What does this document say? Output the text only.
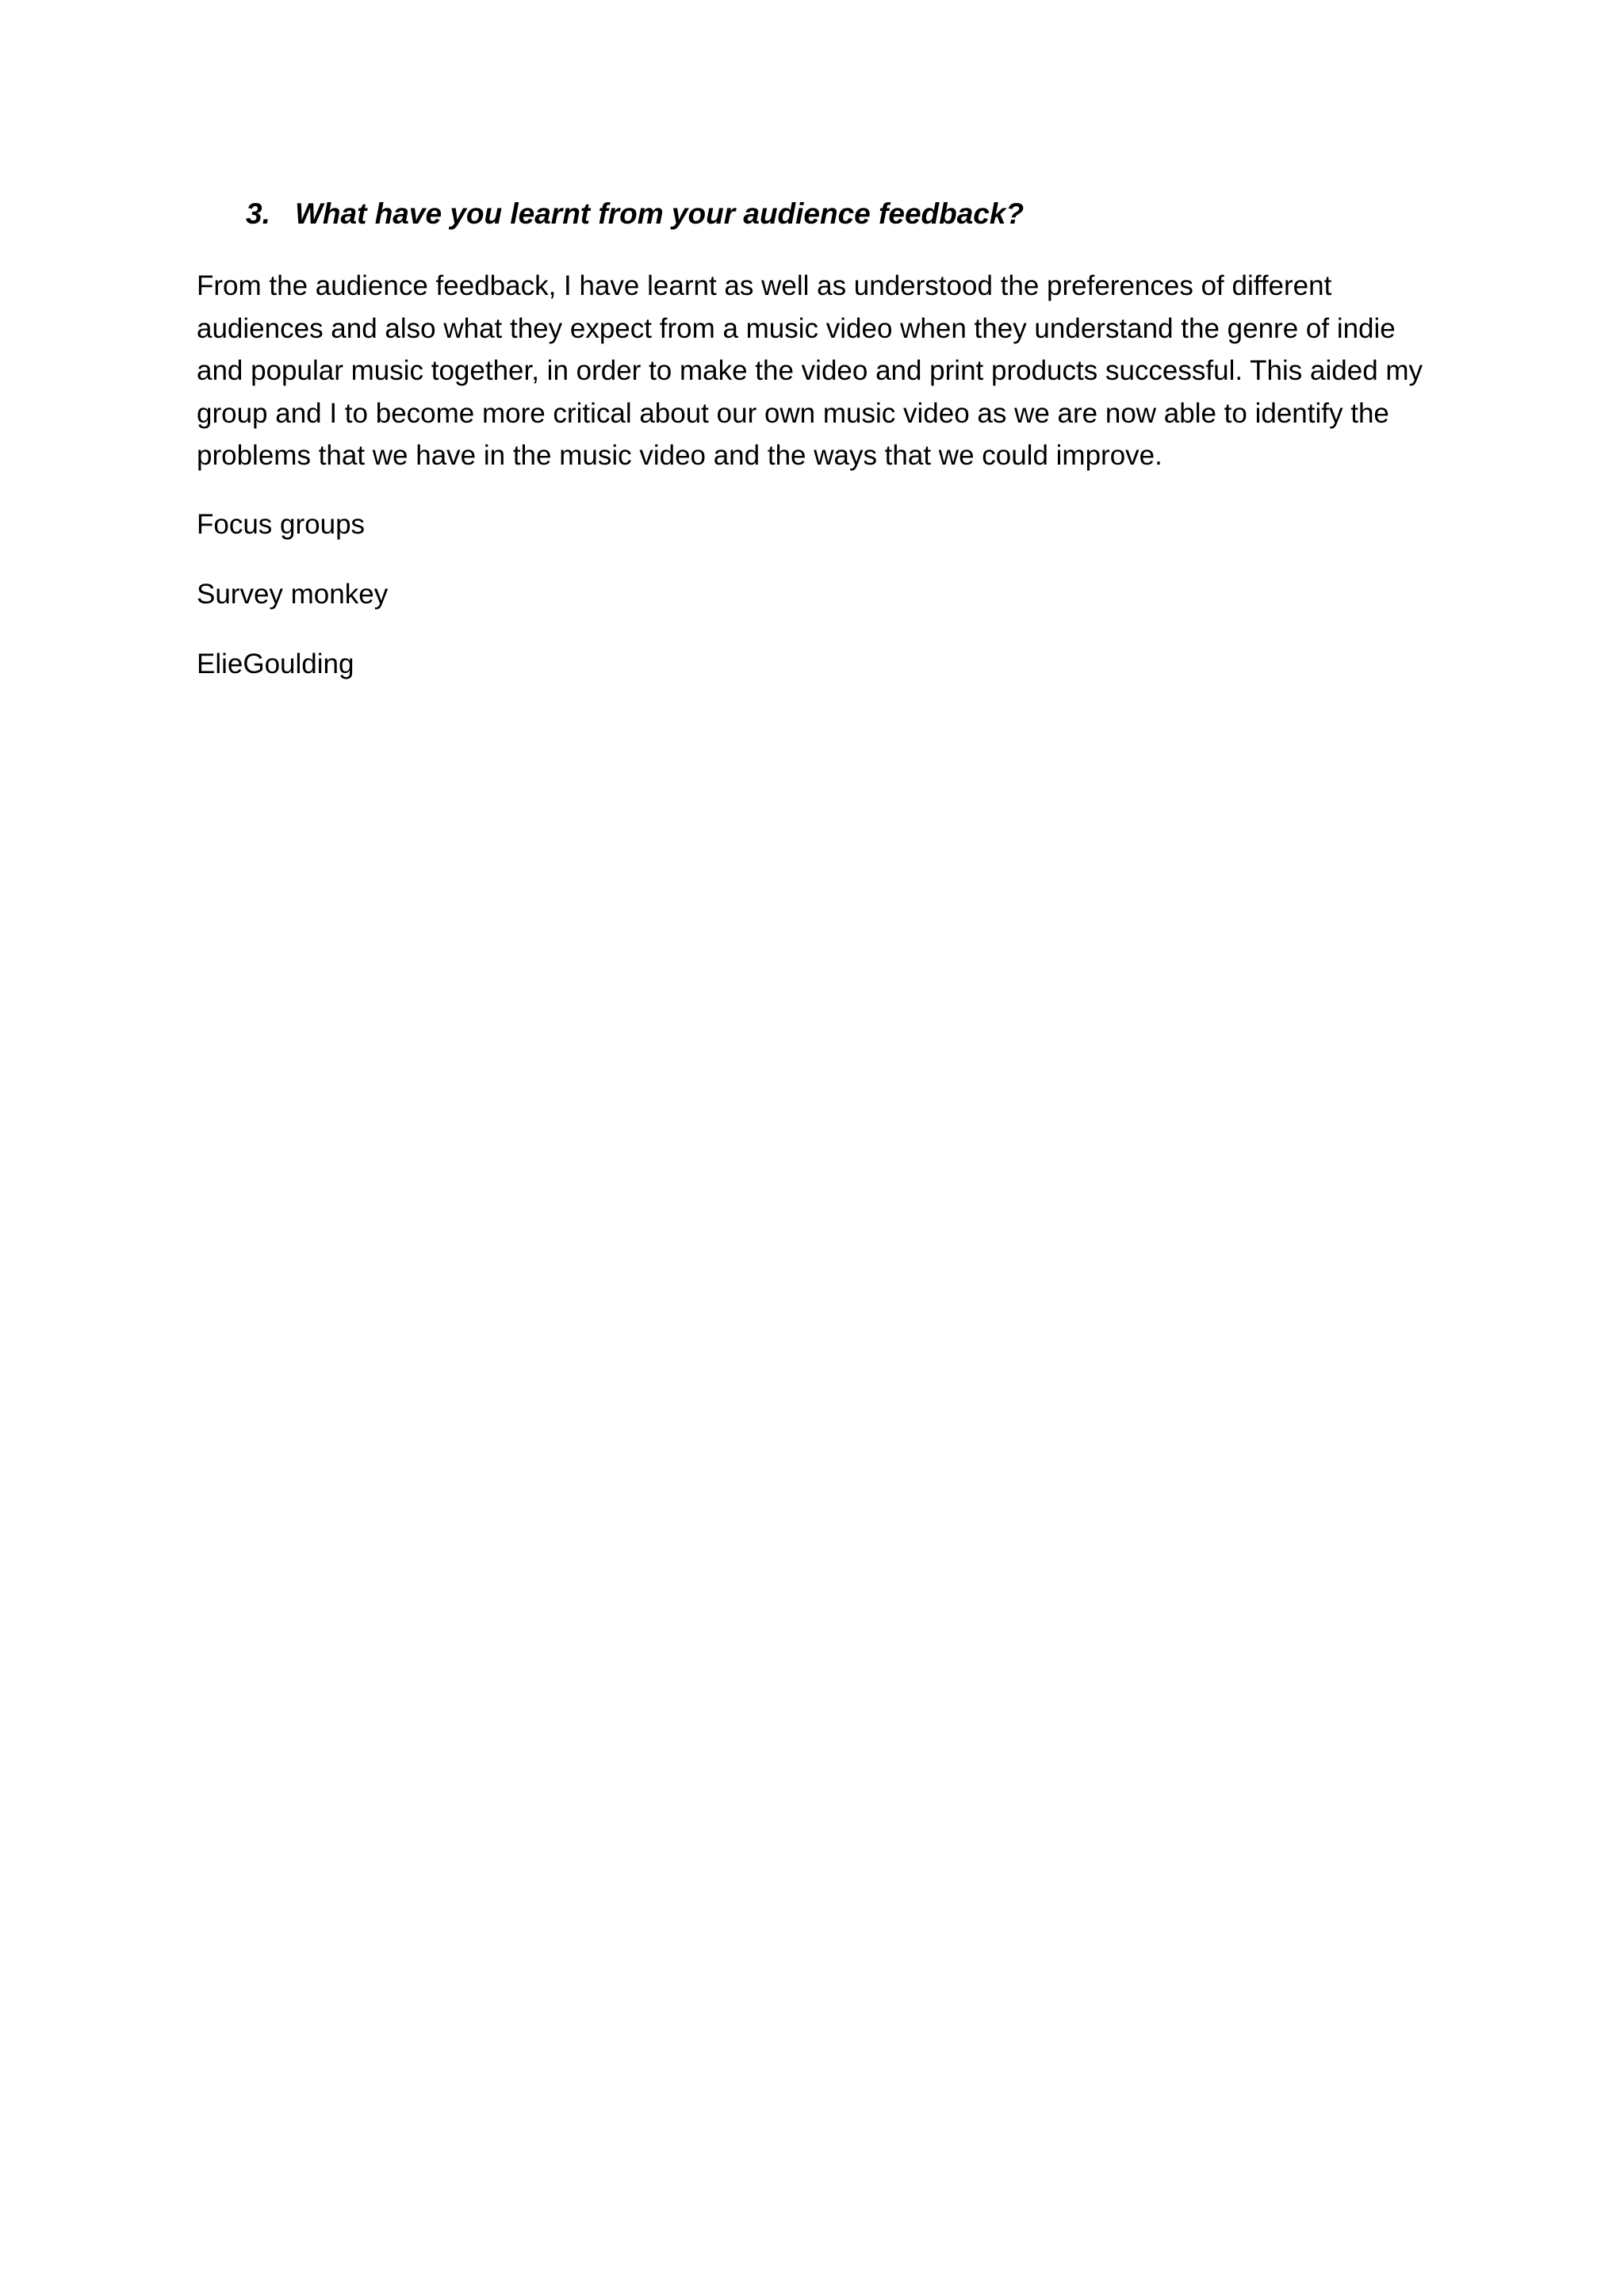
3. What have you learnt from your audience feedback?

From the audience feedback, I have learnt as well as understood the preferences of different
audiences and also what they expect from a music video when they understand the genre of indie
and popular music together, in order to make the video and print products successful. This aided my
group and I to become more critical about our own music video as we are now able to identify the
problems that we have in the music video and the ways that we could improve.

Focus groups

Survey monkey

ElieGoulding
